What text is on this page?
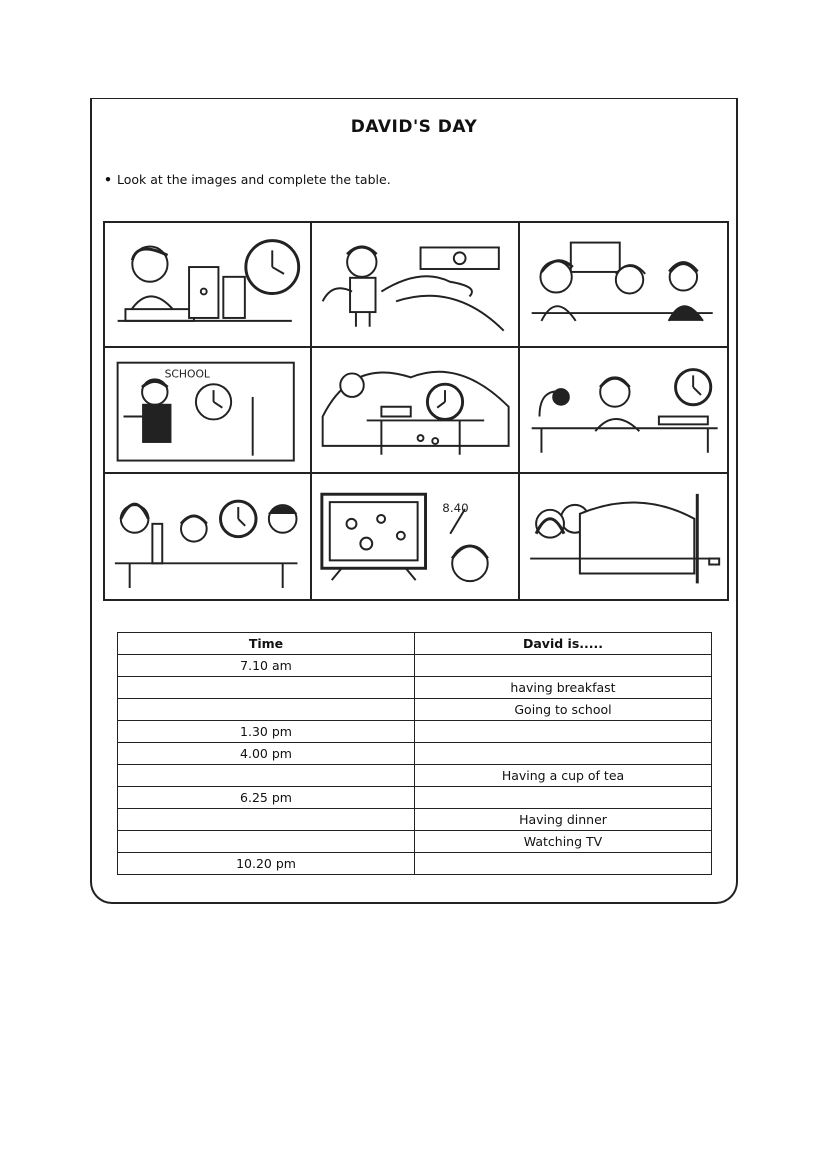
DAVID'S DAY
• Look at the images and complete the table.
SCHOOL
8.40
Time	David is.....
7.10 am	
	having breakfast
	Going to school
1.30 pm	
4.00 pm	
	Having a cup of tea
6.25 pm	
	Having dinner
	Watching TV
10.20 pm	
